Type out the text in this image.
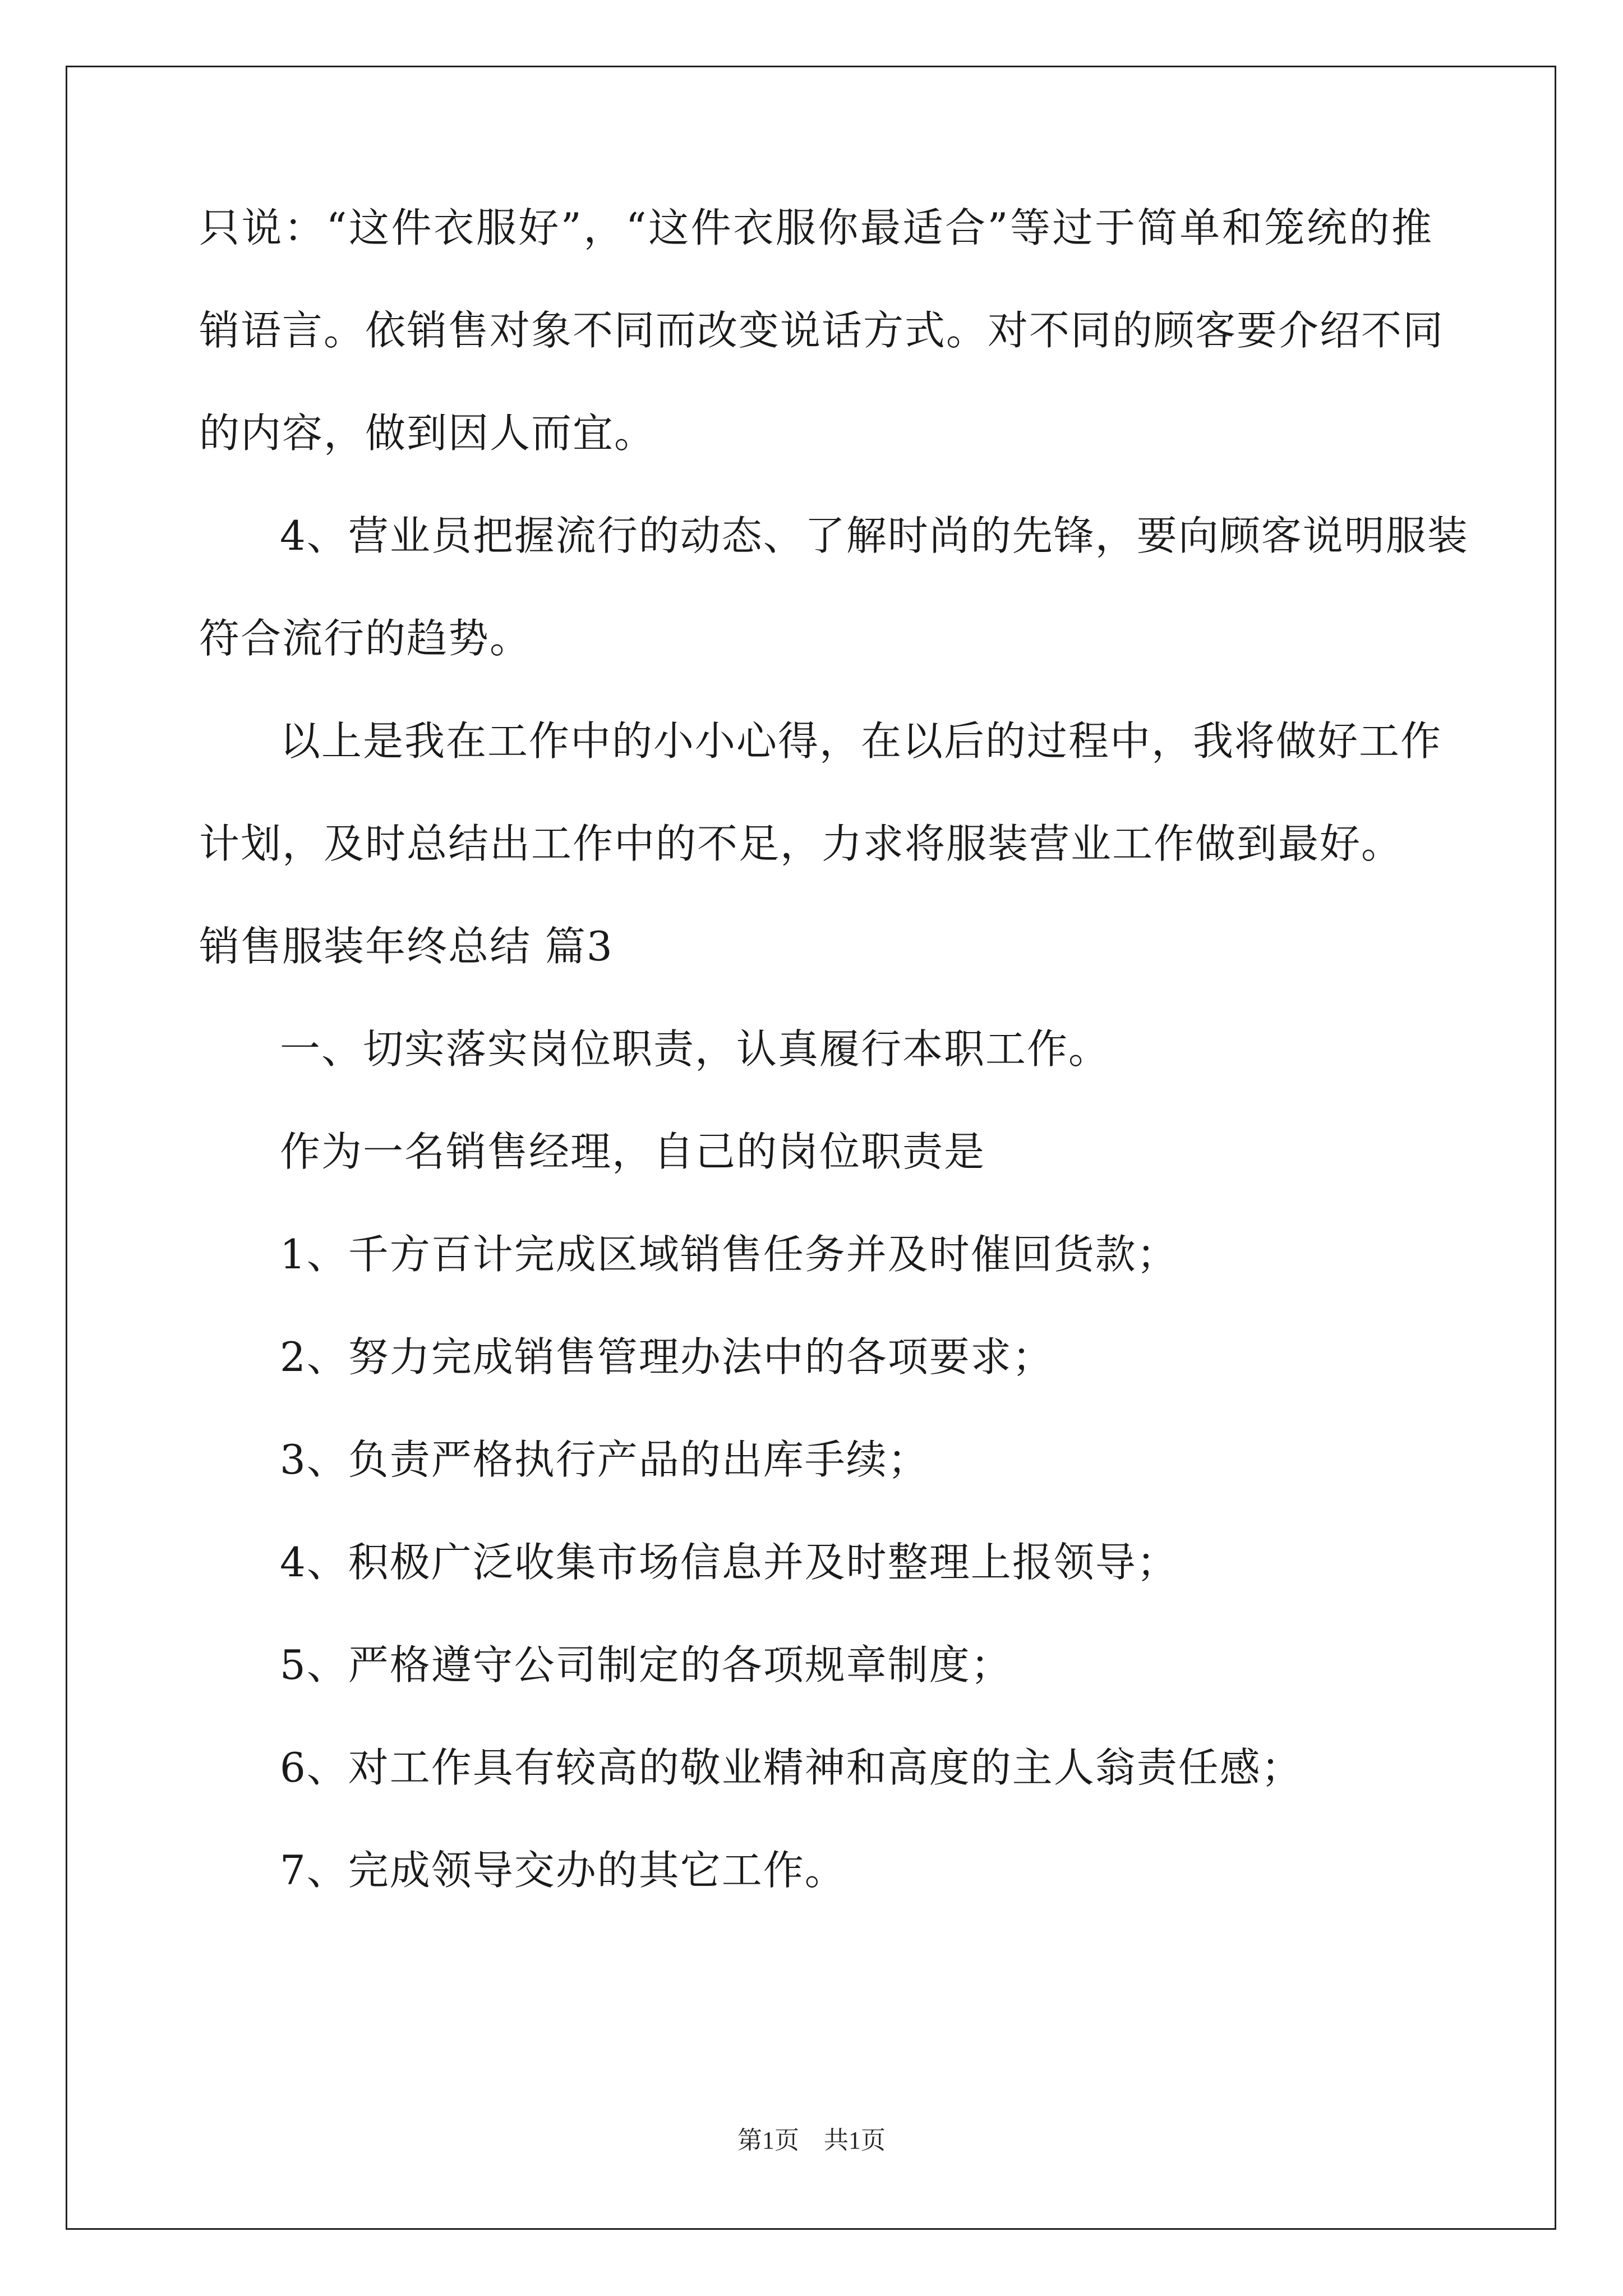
只说：“这件衣服好”，“这件衣服你最适合”等过于简单和笼统的推
销语言。依销售对象不同而改变说话方式。对不同的顾客要介绍不同
的内容，做到因人而宜。
4、营业员把握流行的动态、了解时尚的先锋，要向顾客说明服装
符合流行的趋势。
以上是我在工作中的小小心得，在以后的过程中，我将做好工作
计划，及时总结出工作中的不足，力求将服装营业工作做到最好。
销售服装年终总结 篇3
一、切实落实岗位职责，认真履行本职工作。
作为一名销售经理，自己的岗位职责是
1、千方百计完成区域销售任务并及时催回货款；
2、努力完成销售管理办法中的各项要求；
3、负责严格执行产品的出库手续；
4、积极广泛收集市场信息并及时整理上报领导；
5、严格遵守公司制定的各项规章制度；
6、对工作具有较高的敬业精神和高度的主人翁责任感；
7、完成领导交办的其它工作。
第1页　共1页
